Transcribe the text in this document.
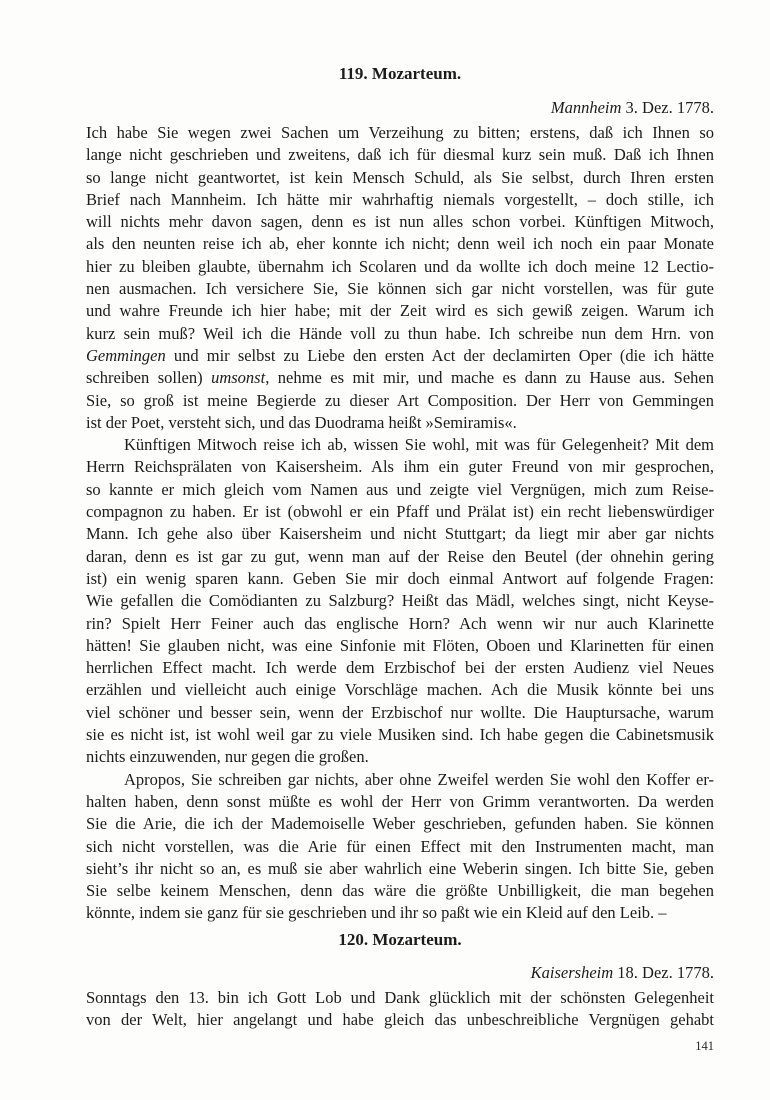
119. Mozarteum.
Mannheim 3. Dez. 1778.
Ich habe Sie wegen zwei Sachen um Verzeihung zu bitten; erstens, daß ich Ihnen so
lange nicht geschrieben und zweitens, daß ich für diesmal kurz sein muß. Daß ich Ihnen
so lange nicht geantwortet, ist kein Mensch Schuld, als Sie selbst, durch Ihren ersten
Brief nach Mannheim. Ich hätte mir wahrhaftig niemals vorgestellt, – doch stille, ich
will nichts mehr davon sagen, denn es ist nun alles schon vorbei. Künftigen Mitwoch,
als den neunten reise ich ab, eher konnte ich nicht; denn weil ich noch ein paar Monate
hier zu bleiben glaubte, übernahm ich Scolaren und da wollte ich doch meine 12 Lectio-
nen ausmachen. Ich versichere Sie, Sie können sich gar nicht vorstellen, was für gute
und wahre Freunde ich hier habe; mit der Zeit wird es sich gewiß zeigen. Warum ich
kurz sein muß? Weil ich die Hände voll zu thun habe. Ich schreibe nun dem Hrn. von
Gemmingen und mir selbst zu Liebe den ersten Act der declamirten Oper (die ich hätte
schreiben sollen) umsonst, nehme es mit mir, und mache es dann zu Hause aus. Sehen
Sie, so groß ist meine Begierde zu dieser Art Composition. Der Herr von Gemmingen
ist der Poet, versteht sich, und das Duodrama heißt »Semiramis«.
Künftigen Mitwoch reise ich ab, wissen Sie wohl, mit was für Gelegenheit? Mit dem
Herrn Reichsprälaten von Kaisersheim. Als ihm ein guter Freund von mir gesprochen,
so kannte er mich gleich vom Namen aus und zeigte viel Vergnügen, mich zum Reise-
compagnon zu haben. Er ist (obwohl er ein Pfaff und Prälat ist) ein recht liebenswürdiger
Mann. Ich gehe also über Kaisersheim und nicht Stuttgart; da liegt mir aber gar nichts
daran, denn es ist gar zu gut, wenn man auf der Reise den Beutel (der ohnehin gering
ist) ein wenig sparen kann. Geben Sie mir doch einmal Antwort auf folgende Fragen:
Wie gefallen die Comödianten zu Salzburg? Heißt das Mädl, welches singt, nicht Keyse-
rin? Spielt Herr Feiner auch das englische Horn? Ach wenn wir nur auch Klarinette
hätten! Sie glauben nicht, was eine Sinfonie mit Flöten, Oboen und Klarinetten für einen
herrlichen Effect macht. Ich werde dem Erzbischof bei der ersten Audienz viel Neues
erzählen und vielleicht auch einige Vorschläge machen. Ach die Musik könnte bei uns
viel schöner und besser sein, wenn der Erzbischof nur wollte. Die Hauptursache, warum
sie es nicht ist, ist wohl weil gar zu viele Musiken sind. Ich habe gegen die Cabinetsmusik
nichts einzuwenden, nur gegen die großen.
Apropos, Sie schreiben gar nichts, aber ohne Zweifel werden Sie wohl den Koffer er-
halten haben, denn sonst müßte es wohl der Herr von Grimm verantworten. Da werden
Sie die Arie, die ich der Mademoiselle Weber geschrieben, gefunden haben. Sie können
sich nicht vorstellen, was die Arie für einen Effect mit den Instrumenten macht, man
sieht’s ihr nicht so an, es muß sie aber wahrlich eine Weberin singen. Ich bitte Sie, geben
Sie selbe keinem Menschen, denn das wäre die größte Unbilligkeit, die man begehen
könnte, indem sie ganz für sie geschrieben und ihr so paßt wie ein Kleid auf den Leib. –
120. Mozarteum.
Kaisersheim 18. Dez. 1778.
Sonntags den 13. bin ich Gott Lob und Dank glücklich mit der schönsten Gelegenheit
von der Welt, hier angelangt und habe gleich das unbeschreibliche Vergnügen gehabt
141
